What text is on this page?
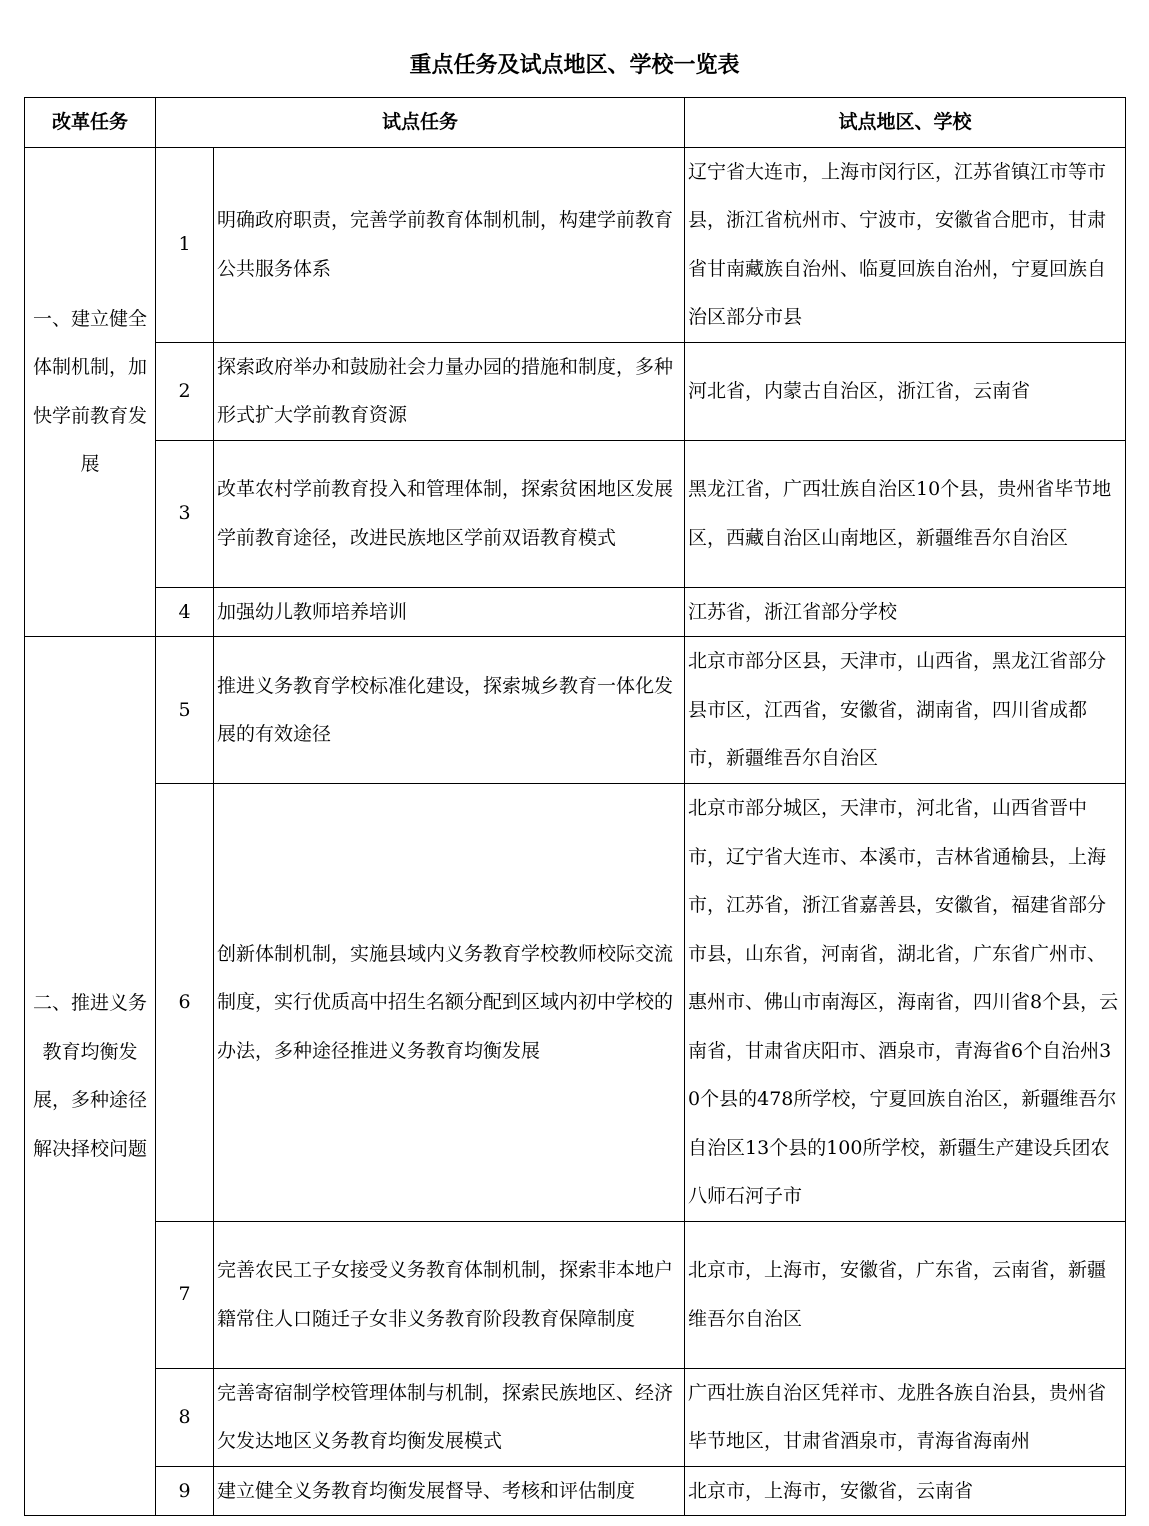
重点任务及试点地区、学校一览表
改革任务	试点任务		试点地区、学校
一、建立健全体制机制，加快学前教育发展	1	明确政府职责，完善学前教育体制机制，构建学前教育公共服务体系	辽宁省大连市，上海市闵行区，江苏省镇江市等市县，浙江省杭州市、宁波市，安徽省合肥市，甘肃省甘南藏族自治州、临夏回族自治州，宁夏回族自治区部分市县
	2	探索政府举办和鼓励社会力量办园的措施和制度，多种形式扩大学前教育资源	河北省，内蒙古自治区，浙江省，云南省
	3	改革农村学前教育投入和管理体制，探索贫困地区发展学前教育途径，改进民族地区学前双语教育模式	黑龙江省，广西壮族自治区10个县，贵州省毕节地区，西藏自治区山南地区，新疆维吾尔自治区
	4	加强幼儿教师培养培训	江苏省，浙江省部分学校
二、推进义务教育均衡发展，多种途径解决择校问题	5	推进义务教育学校标准化建设，探索城乡教育一体化发展的有效途径	北京市部分区县，天津市，山西省，黑龙江省部分县市区，江西省，安徽省，湖南省，四川省成都市，新疆维吾尔自治区
	6	创新体制机制，实施县域内义务教育学校教师校际交流制度，实行优质高中招生名额分配到区域内初中学校的办法，多种途径推进义务教育均衡发展	北京市部分城区，天津市，河北省，山西省晋中市，辽宁省大连市、本溪市，吉林省通榆县，上海市，江苏省，浙江省嘉善县，安徽省，福建省部分市县，山东省，河南省，湖北省，广东省广州市、惠州市、佛山市南海区，海南省，四川省8个县，云南省，甘肃省庆阳市、酒泉市，青海省6个自治州30个县的478所学校，宁夏回族自治区，新疆维吾尔自治区13个县的100所学校，新疆生产建设兵团农八师石河子市
	7	完善农民工子女接受义务教育体制机制，探索非本地户籍常住人口随迁子女非义务教育阶段教育保障制度	北京市，上海市，安徽省，广东省，云南省，新疆维吾尔自治区
	8	完善寄宿制学校管理体制与机制，探索民族地区、经济欠发达地区义务教育均衡发展模式	广西壮族自治区凭祥市、龙胜各族自治县，贵州省毕节地区，甘肃省酒泉市，青海省海南州
	9	建立健全义务教育均衡发展督导、考核和评估制度	北京市，上海市，安徽省，云南省
